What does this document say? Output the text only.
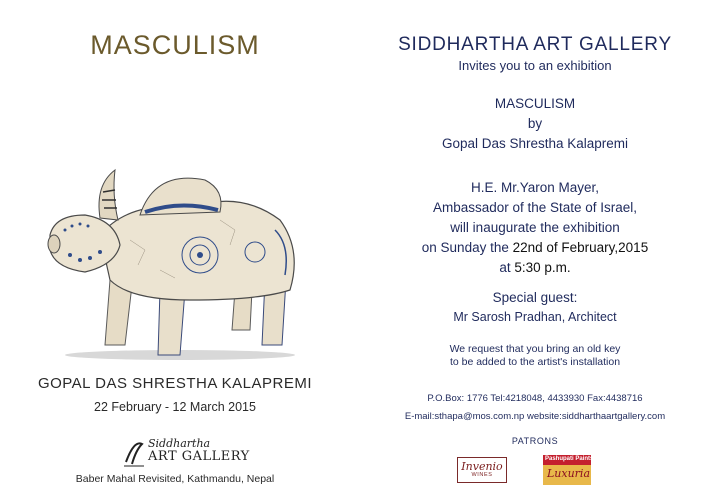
MASCULISM
GOPAL DAS SHRESTHA KALAPREMI
22 February - 12 March 2015
Siddhartha
ART GALLERY
Baber Mahal Revisited, Kathmandu, Nepal
SIDDHARTHA ART GALLERY
Invites you to an exhibition
MASCULISM
by
Gopal Das Shrestha Kalapremi
H.E. Mr.Yaron Mayer,
Ambassador of the State of Israel,
will inaugurate the exhibition
on Sunday the 22nd of February,2015
at 5:30 p.m.
Special guest:
Mr Sarosh Pradhan, Architect
We request that you bring an old key
to be added to the artist's installation
P.O.Box: 1776 Tel:4218048, 4433930 Fax:4438716
E-mail:sthapa@mos.com.np website:siddharthaartgallery.com
PATRONS
Invenio
WINES
Pashupati Paints
Luxuria
